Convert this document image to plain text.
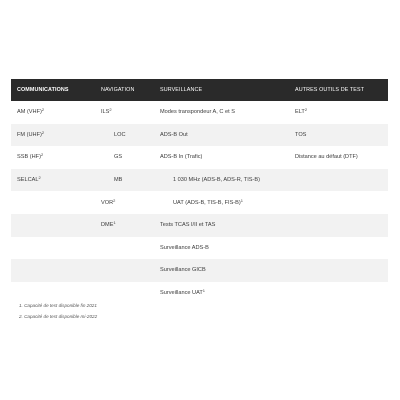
COMMUNICATIONS	NAVIGATION	SURVEILLANCE	AUTRES OUTILS DE TEST
AM (VHF)$^2$	ILS$^2$	Modes transpondeur A, C et S	ELT$^2$
FM (UHF)$^2$	LOC	ADS-B Out	TOS
SSB (HF)$^2$	GS	ADS-B In (Trafic)	Distance au défaut (DTF)
SELCAL$^2$	MB	1 030 MHz (ADS-B, ADS-R, TIS-B)	
	VOR$^2$	UAT (ADS-B, TIS-B, FIS-B)$^1$	
	DME$^1$	Tests TCAS I/II et TAS	
		Surveillance ADS-B	
		Surveillance GICB	
		Surveillance UAT$^1$	
1. Capacité de test disponible fin 2021
2. Capacité de test disponible mi-2022
